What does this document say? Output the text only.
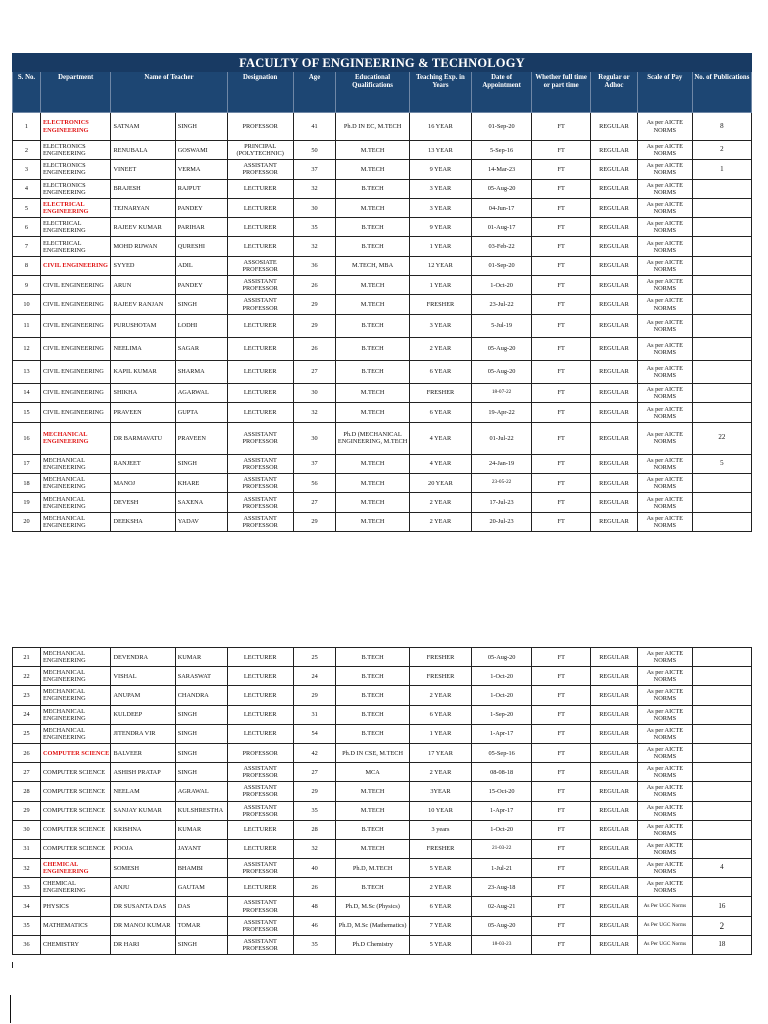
FACULTY OF ENGINEERING & TECHNOLOGY												
S. No.	Department	Name of Teacher		Designation	Age	Educational Qualifications	Teaching Exp. in Years	Date of Appointment	Whether full time or part time	Regular or Adhoc	Scale of Pay	No. of Publications
1	ELECTRONICS ENGINEERING	SATNAM	SINGH	PROFESSOR	41	Ph.D IN EC, M.TECH	16 YEAR	01-Sep-20	FT	REGULAR	As per AICTE NORMS	8
2	ELECTRONICS ENGINEERING	RENUBALA	GOSWAMI	PRINCIPAL (POLYTECHNIC)	50	M.TECH	13 YEAR	5-Sep-16	FT	REGULAR	As per AICTE NORMS	2
3	ELECTRONICS ENGINEERING	VINEET	VERMA	ASSISTANT PROFESSOR	37	M.TECH	9 YEAR	14-Mar-23	FT	REGULAR	As per AICTE NORMS	1
4	ELECTRONICS ENGINEERING	BRAJESH	RAJPUT	LECTURER	32	B.TECH	3 YEAR	05-Aug-20	FT	REGULAR	As per AICTE NORMS	
5	ELECTRICAL ENGINEERING	TEJNARYAN	PANDEY	LECTURER	30	M.TECH	3 YEAR	04-Jun-17	FT	REGULAR	As per AICTE NORMS	
6	ELECTRICAL ENGINEERING	RAJEEV KUMAR	PARIHAR	LECTURER	35	B.TECH	9 YEAR	01-Aug-17	FT	REGULAR	As per AICTE NORMS	
7	ELECTRICAL ENGINEERING	MOHD RIJWAN	QURESHI	LECTURER	32	B.TECH	1 YEAR	03-Feb-22	FT	REGULAR	As per AICTE NORMS	
8	CIVIL ENGINEERING	SYYED	ADIL	ASSOSIATE PROFESSOR	36	M.TECH, MBA	12 YEAR	01-Sep-20	FT	REGULAR	As per AICTE NORMS	
9	CIVIL ENGINEERING	ARUN	PANDEY	ASSISTANT PROFESSOR	26	M.TECH	1 YEAR	1-Oct-20	FT	REGULAR	As per AICTE NORMS	
10	CIVIL ENGINEERING	RAJEEV RANJAN	SINGH	ASSISTANT PROFESSOR	29	M.TECH	FRESHER	23-Jul-22	FT	REGULAR	As per AICTE NORMS	
11	CIVIL ENGINEERING	PURUSHOTAM	LODHI	LECTURER	29	B.TECH	3 YEAR	5-Jul-19	FT	REGULAR	As per AICTE NORMS	
12	CIVIL ENGINEERING	NEELIMA	SAGAR	LECTURER	26	B.TECH	2 YEAR	05-Aug-20	FT	REGULAR	As per AICTE NORMS	
13	CIVIL ENGINEERING	KAPIL KUMAR	SHARMA	LECTURER	27	B.TECH	6 YEAR	05-Aug-20	FT	REGULAR	As per AICTE NORMS	
14	CIVIL ENGINEERING	SHIKHA	AGARWAL	LECTURER	30	M.TECH	FRESHER	18-07-22	FT	REGULAR	As per AICTE NORMS	
15	CIVIL ENGINEERING	PRAVEEN	GUPTA	LECTURER	32	M.TECH	6 YEAR	19-Apr-22	FT	REGULAR	As per AICTE NORMS	
16	MECHANICAL ENGINEERING	DR BARMAVATU	PRAVEEN	ASSISTANT PROFESSOR	30	Ph.D (MECHANICAL ENGINEERING, M.TECH	4 YEAR	01-Jul-22	FT	REGULAR	As per AICTE NORMS	22
17	MECHANICAL ENGINEERING	RANJEET	SINGH	ASSISTANT PROFESSOR	37	M.TECH	4 YEAR	24-Jan-19	FT	REGULAR	As per AICTE NORMS	5
18	MECHANICAL ENGINEERING	MANOJ	KHARE	ASSISTANT PROFESSOR	56	M.TECH	20 YEAR	23-05-22	FT	REGULAR	As per AICTE NORMS	
19	MECHANICAL ENGINEERING	DEVESH	SAXENA	ASSISTANT PROFESSOR	27	M.TECH	2 YEAR	17-Jul-23	FT	REGULAR	As per AICTE NORMS	
20	MECHANICAL ENGINEERING	DEEKSHA	YADAV	ASSISTANT PROFESSOR	29	M.TECH	2 YEAR	20-Jul-23	FT	REGULAR	As per AICTE NORMS	
21	MECHANICAL ENGINEERING	DEVENDRA	KUMAR	LECTURER	25	B.TECH	FRESHER	05-Aug-20	FT	REGULAR	As per AICTE NORMS	
22	MECHANICAL ENGINEERING	VISHAL	SARASWAT	LECTURER	24	B.TECH	FRESHER	1-Oct-20	FT	REGULAR	As per AICTE NORMS	
23	MECHANICAL ENGINEERING	ANUPAM	CHANDRA	LECTURER	29	B.TECH	2 YEAR	1-Oct-20	FT	REGULAR	As per AICTE NORMS	
24	MECHANICAL ENGINEERING	KULDEEP	SINGH	LECTURER	31	B.TECH	6 YEAR	1-Sep-20	FT	REGULAR	As per AICTE NORMS	
25	MECHANICAL ENGINEERING	JITENDRA VIR	SINGH	LECTURER	54	B.TECH	1 YEAR	1-Apr-17	FT	REGULAR	As per AICTE NORMS	
26	COMPUTER SCIENCE	BALVEER	SINGH	PROFESSOR	42	Ph.D IN CSE, M.TECH	17 YEAR	05-Sep-16	FT	REGULAR	As per AICTE NORMS	
27	COMPUTER SCIENCE	ASHISH PRATAP	SINGH	ASSISTANT PROFESSOR	27	MCA	2 YEAR	08-08-18	FT	REGULAR	As per AICTE NORMS	
28	COMPUTER SCIENCE	NEELAM	AGRAWAL	ASSISTANT PROFESSOR	29	M.TECH	3YEAR	15-Oct-20	FT	REGULAR	As per AICTE NORMS	
29	COMPUTER SCIENCE	SANJAY KUMAR	KULSHRESTHA	ASSISTANT PROFESSOR	35	M.TECH	10 YEAR	1-Apr-17	FT	REGULAR	As per AICTE NORMS	
30	COMPUTER SCIENCE	KRISHNA	KUMAR	LECTURER	28	B.TECH	3 years	1-Oct-20	FT	REGULAR	As per AICTE NORMS	
31	COMPUTER SCIENCE	POOJA	JAYANT	LECTURER	32	M.TECH	FRESHER	21-03-22	FT	REGULAR	As per AICTE NORMS	
32	CHEMICAL ENGINEERING	SOMESH	BHAMBI	ASSISTANT PROFESSOR	40	Ph.D, M.TECH	5 YEAR	1-Jul-21	FT	REGULAR	As per AICTE NORMS	4
33	CHEMICAL ENGINEERING	ANJU	GAUTAM	LECTURER	26	B.TECH	2 YEAR	23-Aug-18	FT	REGULAR	As per AICTE NORMS	
34	PHYSICS	DR SUSANTA DAS	DAS	ASSISTANT PROFESSOR	48	Ph.D, M.Sc (Physics)	6 YEAR	02-Aug-21	FT	REGULAR	As Per UGC Norms	16
35	MATHEMATICS	DR MANOJ KUMAR	TOMAR	ASSISTANT PROFESSOR	46	Ph.D, M.Sc (Mathematics)	7 YEAR	05-Aug-20	FT	REGULAR	As Per UGC Norms	2
36	CHEMISTRY	DR HARI	SINGH	ASSISTANT PROFESSOR	35	Ph.D Chemistry	5 YEAR	18-03-23	FT	REGULAR	As Per UGC Norms	18
